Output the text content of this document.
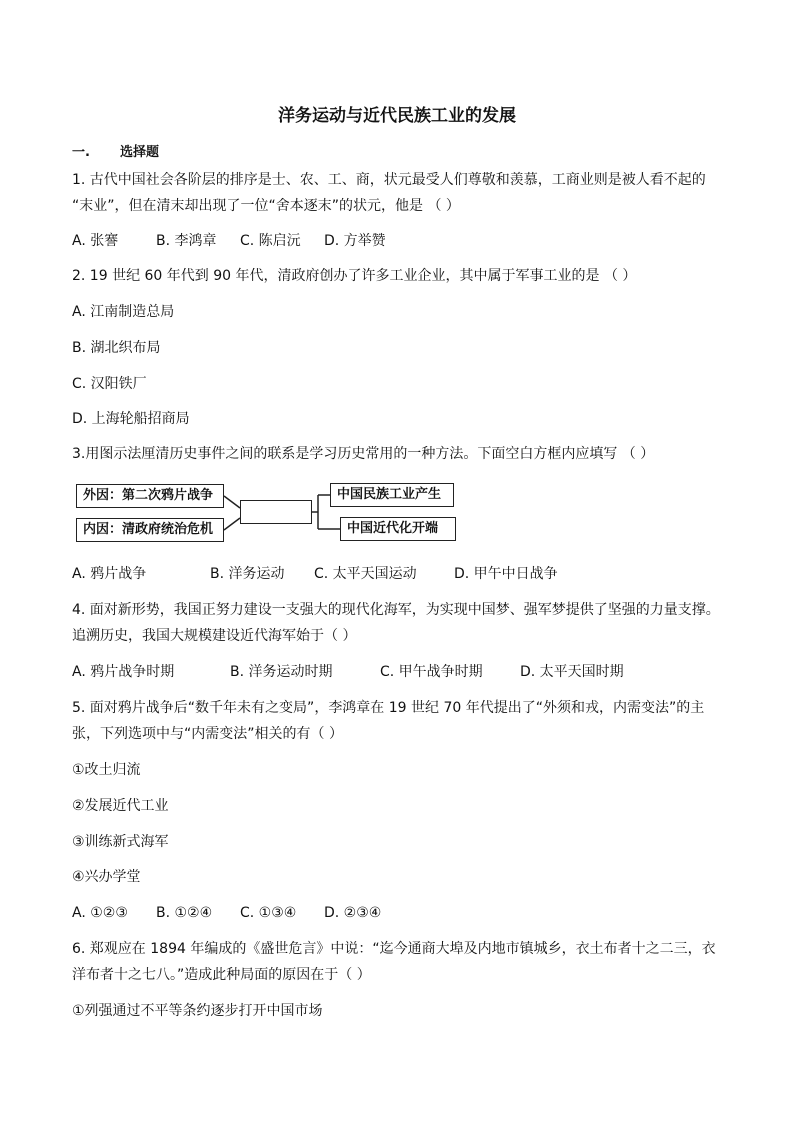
洋务运动与近代民族工业的发展
一. 选择题
1. 古代中国社会各阶层的排序是士、农、工、商，状元最受人们尊敬和羡慕，工商业则是被人看不起的
“末业”，但在清末却出现了一位“舍本逐末”的状元，他是 （ ）
A. 张謇	B. 李鸿章 C. 陈启沅 D. 方举赞
2. 19 世纪 60 年代到 90 年代，清政府创办了许多工业企业，其中属于军事工业的是 （ ）
A. 江南制造总局
B. 湖北织布局
C. 汉阳铁厂
D. 上海轮船招商局
3.用图示法厘清历史事件之间的联系是学习历史常用的一种方法。下面空白方框内应填写 （ ）
外因：第二次鸦片战争
内因：清政府统治危机
中国民族工业产生
中国近代化开端
A. 鸦片战争	B. 洋务运动 C. 太平天国运动	D. 甲午中日战争
4. 面对新形势，我国正努力建设一支强大的现代化海军，为实现中国梦、强军梦提供了坚强的力量支撑。
追溯历史，我国大规模建设近代海军始于（ ）
A. 鸦片战争时期	B. 洋务运动时期	C. 甲午战争时期	D. 太平天国时期
5. 面对鸦片战争后“数千年未有之变局”，李鸿章在 19 世纪 70 年代提出了“外须和戎，内需变法”的主
张，下列选项中与“内需变法”相关的有（ ）
①改土归流
②发展近代工业
③训练新式海军
④兴办学堂
A. ①②③ B. ①②④ C. ①③④ D. ②③④
6. 郑观应在 1894 年编成的《盛世危言》中说：“迄今通商大埠及内地市镇城乡，衣土布者十之二三，衣
洋布者十之七八。”造成此种局面的原因在于（ ）
①列强通过不平等条约逐步打开中国市场
